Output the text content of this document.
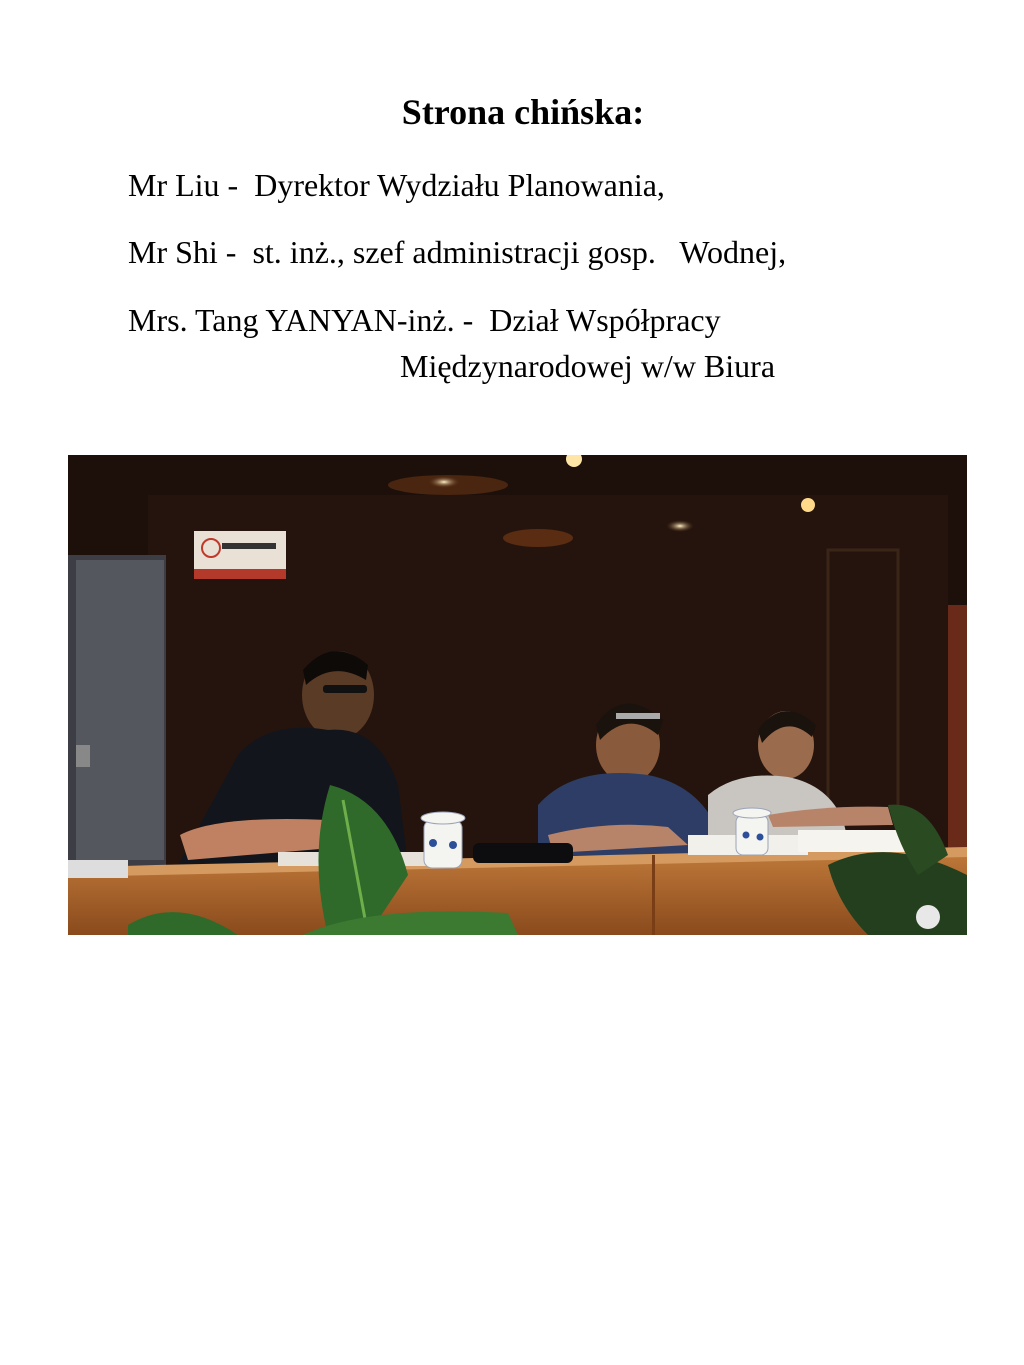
Strona chińska:
Mr Liu -  Dyrektor Wydziału Planowania,
Mr Shi -  st. inż., szef administracji gosp.   Wodnej,
Mrs. Tang YANYAN-inż. -  Dział Współpracy
Międzynarodowej w/w Biura
